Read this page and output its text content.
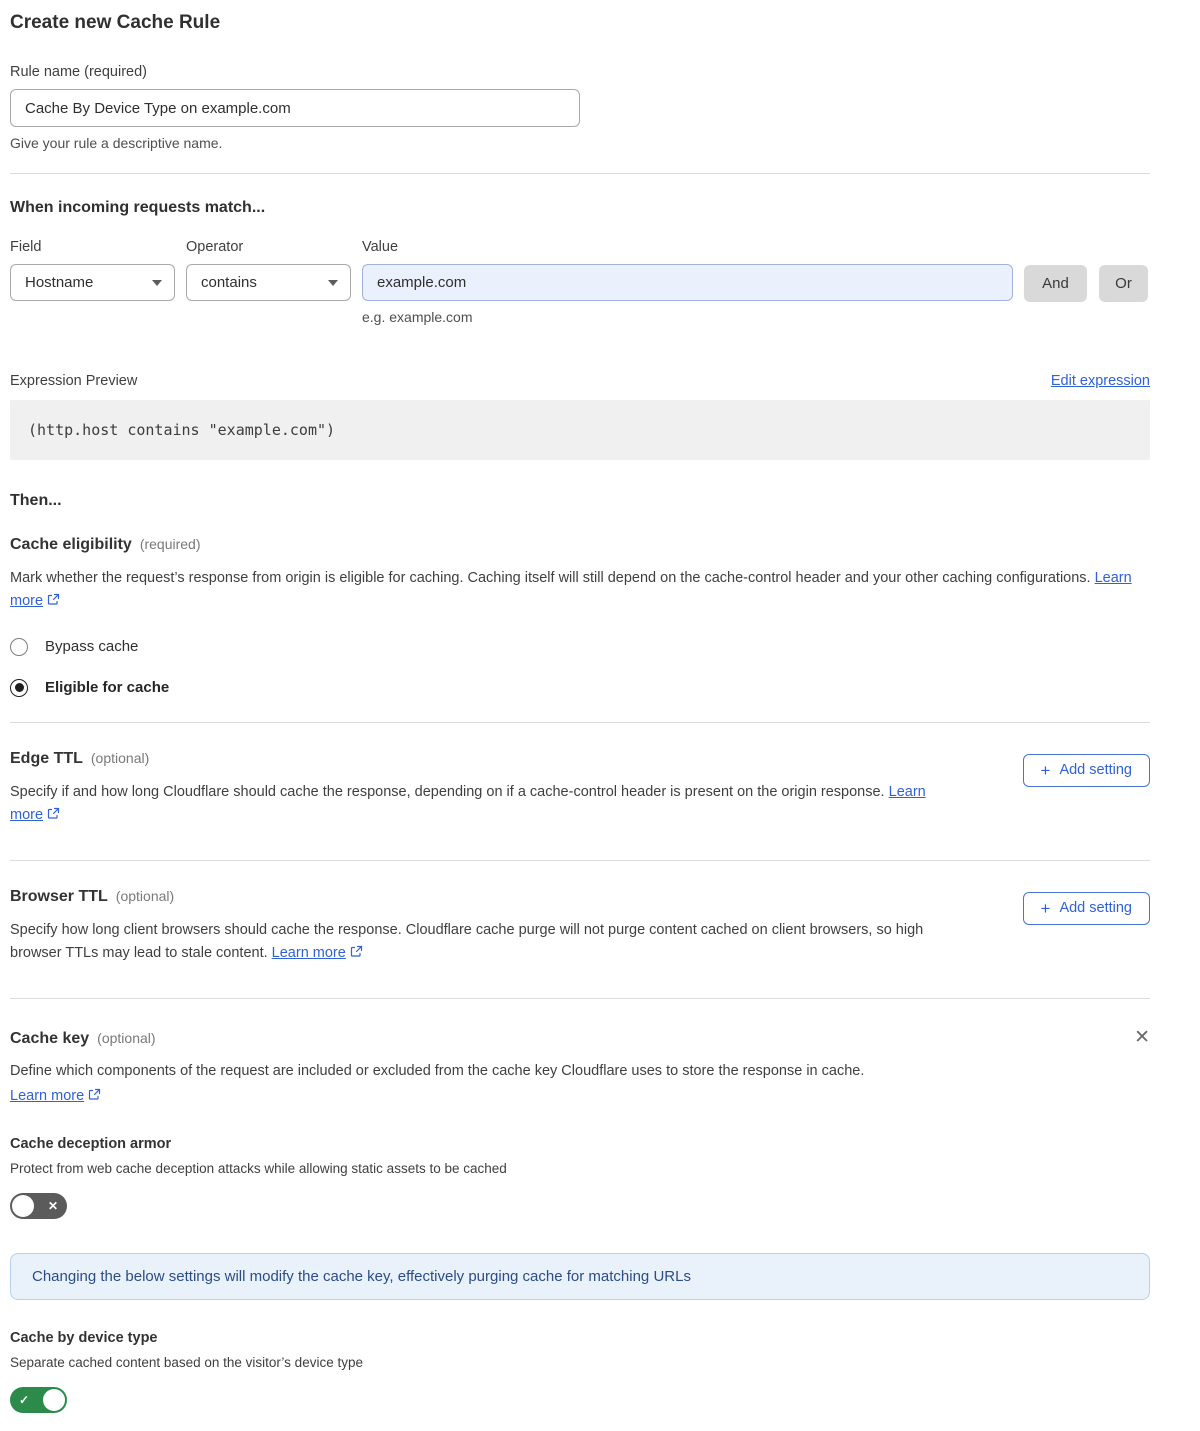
Create new Cache Rule
Rule name (required)
Cache By Device Type on example.com
Give your rule a descriptive name.
When incoming requests match...
Field
Hostname
Operator
contains
Value
example.com
e.g. example.com
And	Or
Expression Preview	Edit expression
(http.host contains "example.com")
Then...
Cache eligibility (required)
Mark whether the request’s response from origin is eligible for caching. Caching itself will still depend on the cache-control header and your other caching configurations. Learn more
Bypass cache
Eligible for cache
Edge TTL (optional)
Specify if and how long Cloudflare should cache the response, depending on if a cache-control header is present on the origin response. Learn more
+ Add setting
Browser TTL (optional)
Specify how long client browsers should cache the response. Cloudflare cache purge will not purge content cached on client browsers, so high browser TTLs may lead to stale content. Learn more
+ Add setting
Cache key (optional)	✕
Define which components of the request are included or excluded from the cache key Cloudflare uses to store the response in cache.
Learn more
Cache deception armor
Protect from web cache deception attacks while allowing static assets to be cached
✕
Changing the below settings will modify the cache key, effectively purging cache for matching URLs
Cache by device type
Separate cached content based on the visitor’s device type
✓
